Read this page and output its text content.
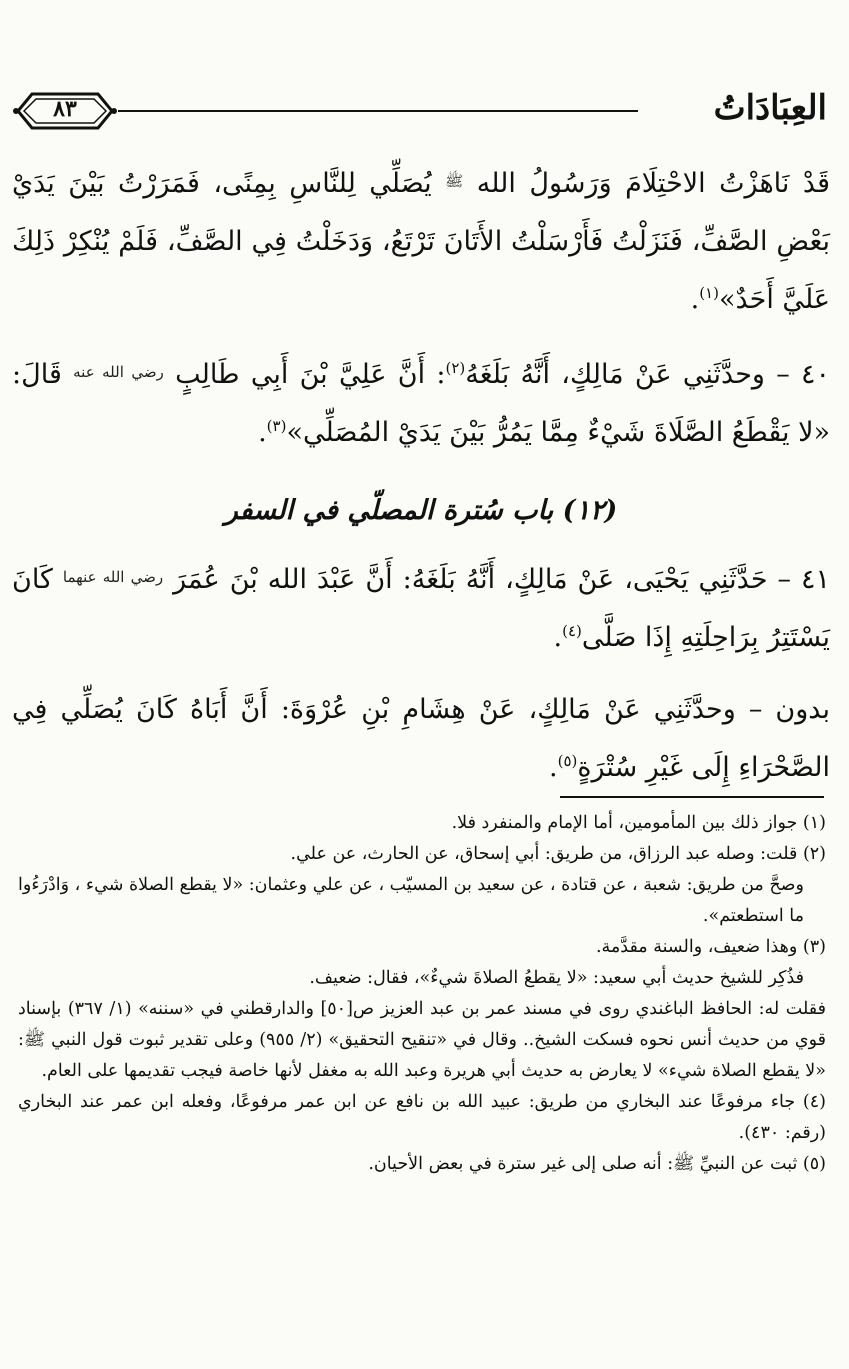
٨٣	العِبَادَاتُ

قَدْ نَاهَزْتُ الاحْتِلَامَ وَرَسُولُ الله $^ﷺ$ يُصَلِّي لِلنَّاسِ بِمِنًى، فَمَرَرْتُ بَيْنَ يَدَيْ بَعْضِ الصَّفِّ، فَنَزَلْتُ فَأَرْسَلْتُ الأَتَانَ تَرْتَعُ، وَدَخَلْتُ فِي الصَّفِّ، فَلَمْ يُنْكِرْ ذَلِكَ عَلَيَّ أَحَدٌ»$^{(١)}$.

٤٠ – وحدَّثَنِي عَنْ مَالِكٍ، أَنَّهُ بَلَغَهُ$^{(٢)}$: أَنَّ عَلِيَّ بْنَ أَبِي طَالِبٍ $^{رضي الله عنه}$ قَالَ: «لا يَقْطَعُ الصَّلَاةَ شَيْءٌ مِمَّا يَمُرُّ بَيْنَ يَدَيْ المُصَلِّي»$^{(٣)}$.

(١٢) باب سُترة المصلّي في السفر

٤١ – حَدَّثَنِي يَحْيَى، عَنْ مَالِكٍ، أَنَّهُ بَلَغَهُ: أَنَّ عَبْدَ الله بْنَ عُمَرَ $^{رضي الله عنهما}$ كَانَ يَسْتَتِرُ بِرَاحِلَتِهِ إِذَا صَلَّى$^{(٤)}$.

بدون – وحدَّثَنِي عَنْ مَالِكٍ، عَنْ هِشَامِ بْنِ عُرْوَةَ: أَنَّ أَبَاهُ كَانَ يُصَلِّي فِي الصَّحْرَاءِ إِلَى غَيْرِ سُتْرَةٍ$^{(٥)}$.

(١) جواز ذلك بين المأمومين، أما الإمام والمنفرد فلا.

(٢) قلت: وصله عبد الرزاق، من طريق: أبي إسحاق، عن الحارث، عن علي.

وصحَّ من طريق: شعبة ، عن قتادة ، عن سعيد بن المسيّب ، عن علي وعثمان: «لا يقطع الصلاة شيء ، وَادْرَءُوا ما استطعتم».

(٣) وهذا ضعيف، والسنة مقدَّمة.

فذُكِر للشيخ حديث أبي سعيد: «لا يقطعُ الصلاةَ شيءٌ»، فقال: ضعيف.

فقلت له: الحافظ الباغندي روى في مسند عمر بن عبد العزيز ص[٥٠] والدارقطني في «سننه» (١/ ٣٦٧) بإسناد قوي من حديث أنس نحوه فسكت الشيخ.. وقال في «تنقيح التحقيق» (٢/ ٩٥٥) وعلى تقدير ثبوت قول النبي ﷺ: «لا يقطع الصلاة شيء» لا يعارض به حديث أبي هريرة وعبد الله به مغفل لأنها خاصة فيجب تقديمها على العام.

(٤) جاء مرفوعًا عند البخاري من طريق: عبيد الله بن نافع عن ابن عمر مرفوعًا، وفعله ابن عمر عند البخاري (رقم: ٤٣٠).

(٥) ثبت عن النبيِّ ﷺ: أنه صلى إلى غير سترة في بعض الأحيان.
